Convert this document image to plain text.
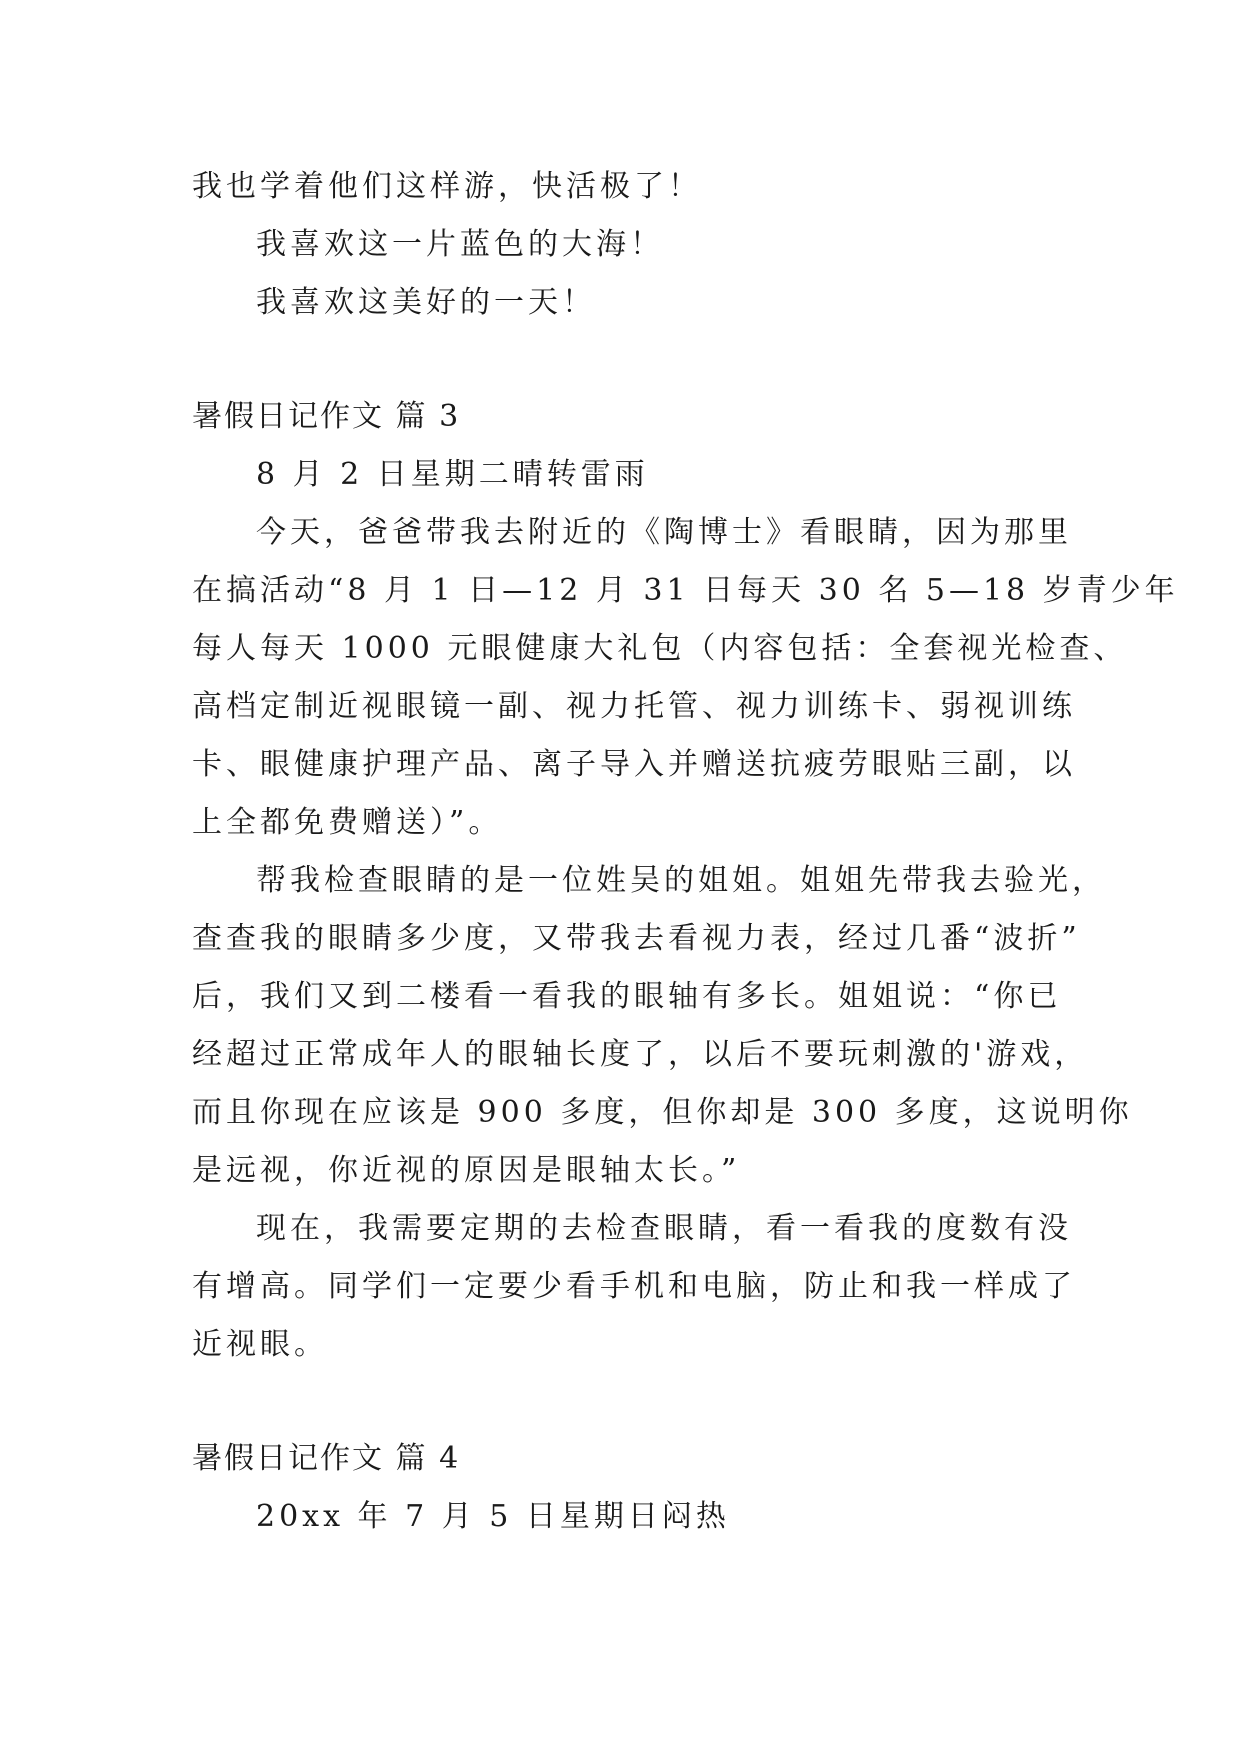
我也学着他们这样游，快活极了！
我喜欢这一片蓝色的大海！
我喜欢这美好的一天！
暑假日记作文 篇 3
8 月 2 日星期二晴转雷雨
今天，爸爸带我去附近的《陶博士》看眼睛，因为那里
在搞活动“8 月 1 日—12 月 31 日每天 30 名 5—18 岁青少年
每人每天 1000 元眼健康大礼包（内容包括：全套视光检查、
高档定制近视眼镜一副、视力托管、视力训练卡、弱视训练
卡、眼健康护理产品、离子导入并赠送抗疲劳眼贴三副，以
上全都免费赠送）”。
帮我检查眼睛的是一位姓吴的姐姐。姐姐先带我去验光，
查查我的眼睛多少度，又带我去看视力表，经过几番“波折”
后，我们又到二楼看一看我的眼轴有多长。姐姐说：“你已
经超过正常成年人的眼轴长度了，以后不要玩刺激的'游戏，
而且你现在应该是 900 多度，但你却是 300 多度，这说明你
是远视，你近视的原因是眼轴太长。”
现在，我需要定期的去检查眼睛，看一看我的度数有没
有增高。同学们一定要少看手机和电脑，防止和我一样成了
近视眼。
暑假日记作文 篇 4
20xx 年 7 月 5 日星期日闷热
